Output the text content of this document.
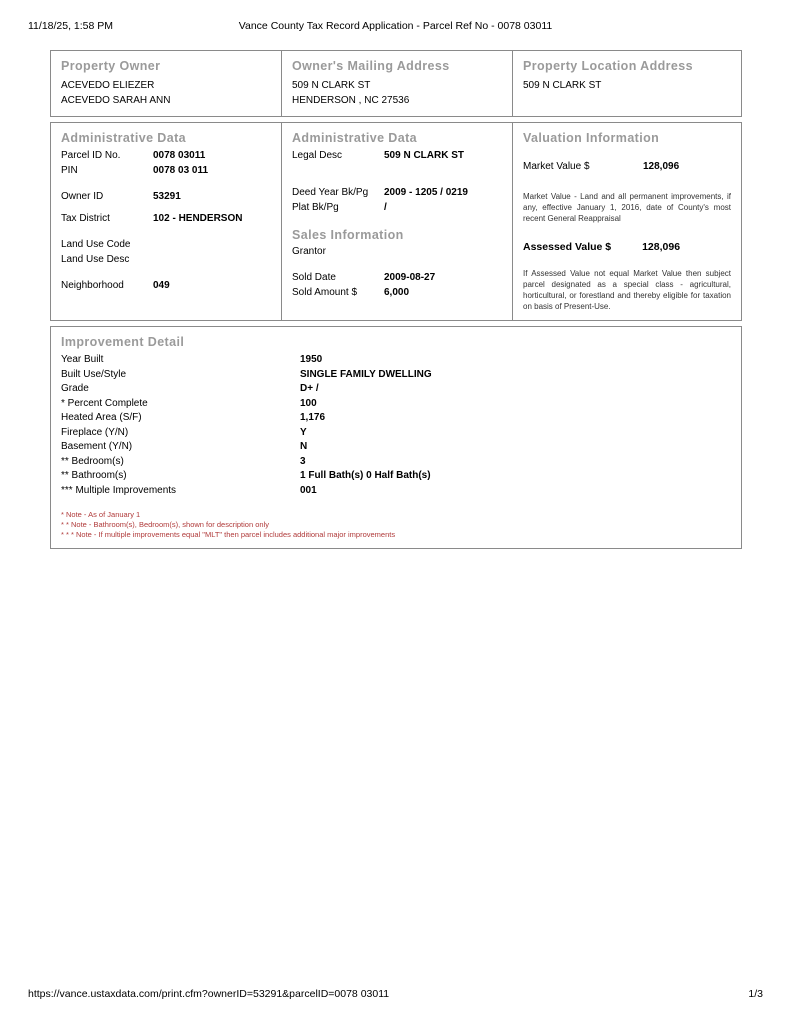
11/18/25, 1:58 PM	Vance County Tax Record Application - Parcel Ref No - 0078 03011
Property Owner
ACEVEDO ELIEZER
ACEVEDO SARAH ANN
Owner's Mailing Address
509 N CLARK ST
HENDERSON , NC 27536
Property Location Address
509 N CLARK ST
Administrative Data
Parcel ID No.	0078 03011
PIN	0078 03 011
Owner ID	53291
Tax District	102 - HENDERSON
Land Use Code
Land Use Desc
Neighborhood	049
Administrative Data
Legal Desc	509 N CLARK ST
Deed Year Bk/Pg 2009 - 1205 / 0219
Plat Bk/Pg	/
Sales Information
Grantor
Sold Date	2009-08-27
Sold Amount $	6,000
Valuation Information
Market Value $	128,096
Market Value - Land and all permanent improvements, if any, effective January 1, 2016, date of County's most recent General Reappraisal
Assessed Value $	128,096
If Assessed Value not equal Market Value then subject parcel designated as a special class - agricultural, horticultural, or forestland and thereby eligible for taxation on basis of Present-Use.
Improvement Detail
Year Built	1950
Built Use/Style	SINGLE FAMILY DWELLING
Grade	D+ /
* Percent Complete	100
Heated Area (S/F)	1,176
Fireplace (Y/N)	Y
Basement (Y/N)	N
** Bedroom(s)	3
** Bathroom(s)	1 Full Bath(s) 0 Half Bath(s)
*** Multiple Improvements	001
* Note - As of January 1
* * Note - Bathroom(s), Bedroom(s), shown for description only
* * * Note - If multiple improvements equal "MLT" then parcel includes additional major improvements
https://vance.ustaxdata.com/print.cfm?ownerID=53291&parcelID=0078 03011	1/3
